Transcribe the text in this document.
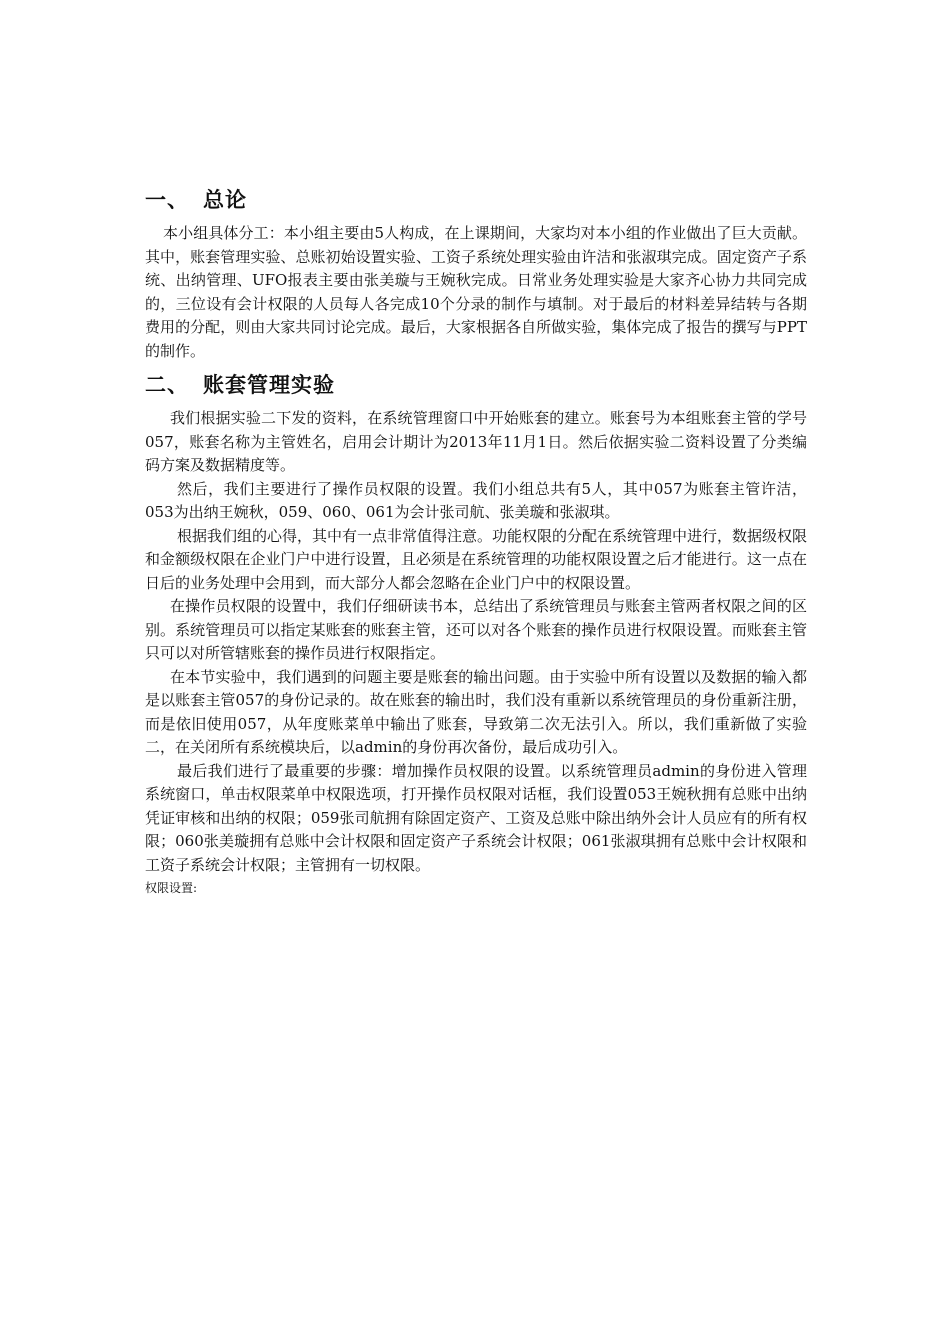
一、 总论

本小组具体分工：本小组主要由5人构成，在上课期间，大家均对本小组的作业做出了巨大贡献。其中，账套管理实验、总账初始设置实验、工资子系统处理实验由许洁和张淑琪完成。固定资产子系统、出纳管理、UFO报表主要由张美璇与王婉秋完成。日常业务处理实验是大家齐心协力共同完成的，三位设有会计权限的人员每人各完成10个分录的制作与填制。对于最后的材料差异结转与各期费用的分配，则由大家共同讨论完成。最后，大家根据各自所做实验，集体完成了报告的撰写与PPT的制作。

二、 账套管理实验

我们根据实验二下发的资料，在系统管理窗口中开始账套的建立。账套号为本组账套主管的学号057，账套名称为主管姓名，启用会计期计为2013年11月1日。然后依据实验二资料设置了分类编码方案及数据精度等。

然后，我们主要进行了操作员权限的设置。我们小组总共有5人，其中057为账套主管许洁，053为出纳王婉秋，059、060、061为会计张司航、张美璇和张淑琪。

根据我们组的心得，其中有一点非常值得注意。功能权限的分配在系统管理中进行，数据级权限和金额级权限在企业门户中进行设置，且必须是在系统管理的功能权限设置之后才能进行。这一点在日后的业务处理中会用到，而大部分人都会忽略在企业门户中的权限设置。

在操作员权限的设置中，我们仔细研读书本，总结出了系统管理员与账套主管两者权限之间的区别。系统管理员可以指定某账套的账套主管，还可以对各个账套的操作员进行权限设置。而账套主管只可以对所管辖账套的操作员进行权限指定。

在本节实验中，我们遇到的问题主要是账套的输出问题。由于实验中所有设置以及数据的输入都是以账套主管057的身份记录的。故在账套的输出时，我们没有重新以系统管理员的身份重新注册，而是依旧使用057，从年度账菜单中输出了账套，导致第二次无法引入。所以，我们重新做了实验二，在关闭所有系统模块后，以admin的身份再次备份，最后成功引入。

最后我们进行了最重要的步骤：增加操作员权限的设置。以系统管理员admin的身份进入管理系统窗口，单击权限菜单中权限选项，打开操作员权限对话框，我们设置053王婉秋拥有总账中出纳凭证审核和出纳的权限；059张司航拥有除固定资产、工资及总账中除出纳外会计人员应有的所有权限；060张美璇拥有总账中会计权限和固定资产子系统会计权限；061张淑琪拥有总账中会计权限和工资子系统会计权限；主管拥有一切权限。

权限设置:
